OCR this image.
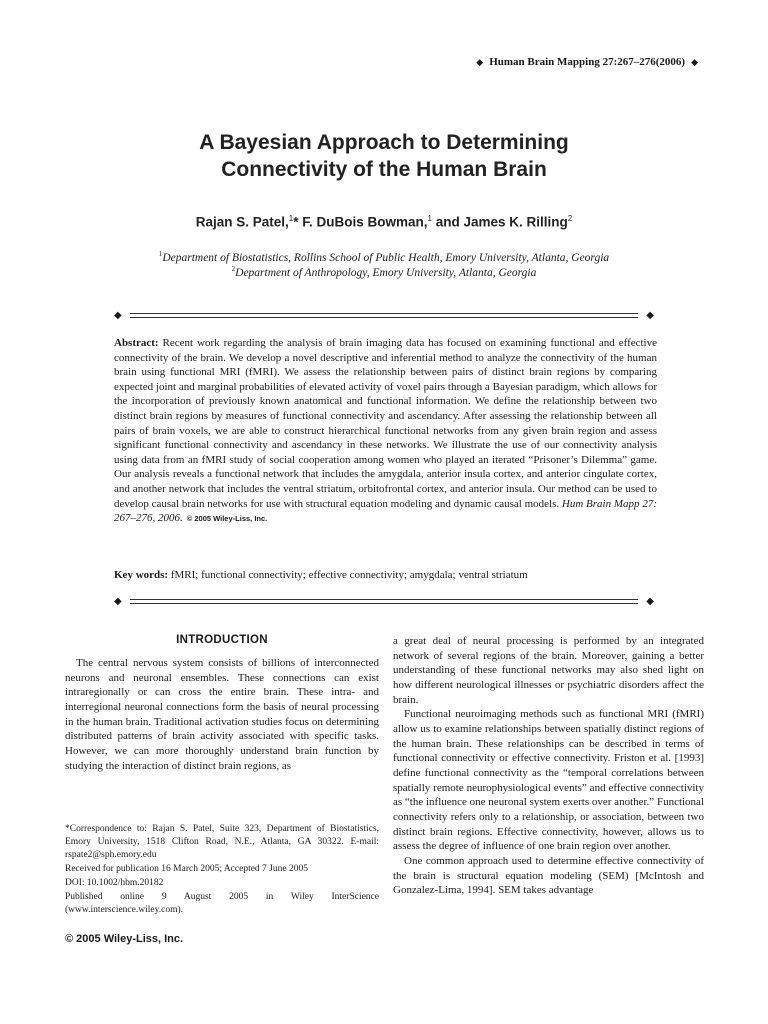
◆ Human Brain Mapping 27:267–276(2006) ◆
A Bayesian Approach to Determining
Connectivity of the Human Brain
Rajan S. Patel,$^1$* F. DuBois Bowman,$^1$ and James K. Rilling$^2$
$^1$Department of Biostatistics, Rollins School of Public Health, Emory University, Atlanta, Georgia
$^2$Department of Anthropology, Emory University, Atlanta, Georgia
◆	◆
Abstract: Recent work regarding the analysis of brain imaging data has focused on examining functional and effective connectivity of the brain. We develop a novel descriptive and inferential method to analyze the connectivity of the human brain using functional MRI (fMRI). We assess the relationship between pairs of distinct brain regions by comparing expected joint and marginal probabilities of elevated activity of voxel pairs through a Bayesian paradigm, which allows for the incorporation of previously known anatomical and functional information. We define the relationship between two distinct brain regions by measures of functional connectivity and ascendancy. After assessing the relationship between all pairs of brain voxels, we are able to construct hierarchical functional networks from any given brain region and assess significant functional connectivity and ascendancy in these networks. We illustrate the use of our connectivity analysis using data from an fMRI study of social cooperation among women who played an iterated “Prisoner’s Dilemma” game. Our analysis reveals a functional network that includes the amygdala, anterior insula cortex, and anterior cingulate cortex, and another network that includes the ventral striatum, orbitofrontal cortex, and anterior insula. Our method can be used to develop causal brain networks for use with structural equation modeling and dynamic causal models. Hum Brain Mapp 27: 267–276, 2006. © 2005 Wiley-Liss, Inc.
Key words: fMRI; functional connectivity; effective connectivity; amygdala; ventral striatum
◆	◆
INTRODUCTION

The central nervous system consists of billions of interconnected neurons and neuronal ensembles. These connections can exist intraregionally or can cross the entire brain. These intra- and interregional neuronal connections form the basis of neural processing in the human brain. Traditional activation studies focus on determining distributed patterns of brain activity associated with specific tasks. However, we can more thoroughly understand brain function by studying the interaction of distinct brain regions, as

*Correspondence to: Rajan S. Patel, Suite 323, Department of Biostatistics, Emory University, 1518 Clifton Road, N.E., Atlanta, GA 30322. E-mail: rspate2@sph.emory.edu

Received for publication 16 March 2005; Accepted 7 June 2005

DOI: 10.1002/hbm.20182

Published online 9 August 2005 in Wiley InterScience (www.interscience.wiley.com).

© 2005 Wiley-Liss, Inc.

a great deal of neural processing is performed by an integrated network of several regions of the brain. Moreover, gaining a better understanding of these functional networks may also shed light on how different neurological illnesses or psychiatric disorders affect the brain.

Functional neuroimaging methods such as functional MRI (fMRI) allow us to examine relationships between spatially distinct regions of the human brain. These relationships can be described in terms of functional connectivity or effective connectivity. Friston et al. [1993] define functional connectivity as the “temporal correlations between spatially remote neurophysiological events” and effective connectivity as “the influence one neuronal system exerts over another.” Functional connectivity refers only to a relationship, or association, between two distinct brain regions. Effective connectivity, however, allows us to assess the degree of influence of one brain region over another.

One common approach used to determine effective connectivity of the brain is structural equation modeling (SEM) [McIntosh and Gonzalez-Lima, 1994]. SEM takes advantage
